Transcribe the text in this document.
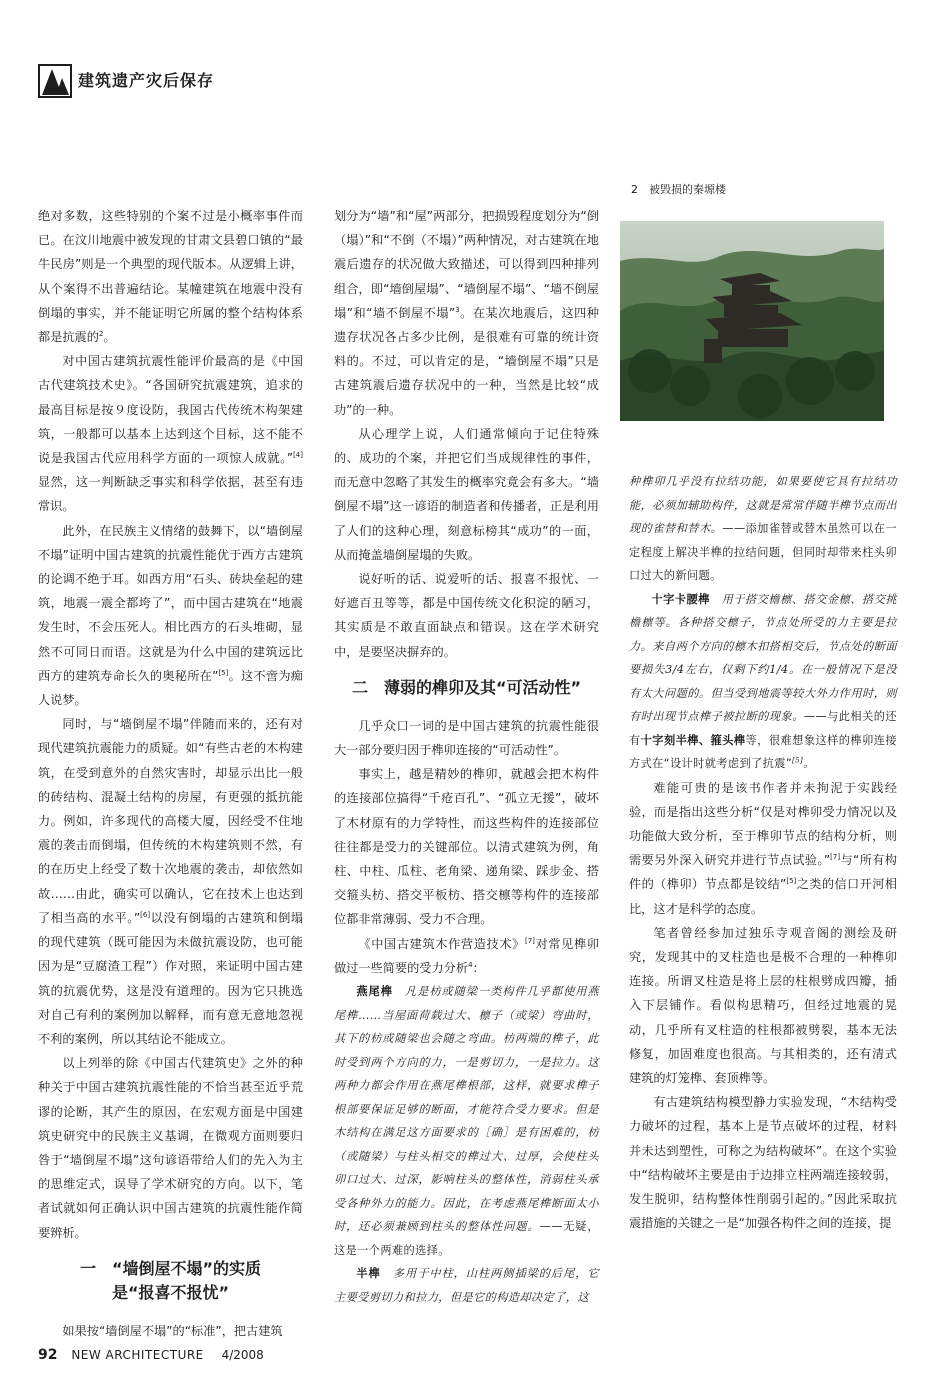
建筑遗产灾后保存
2　被毁损的秦塬楼

绝对多数，这些特别的个案不过是小概率事件而已。在汶川地震中被发现的甘肃文县碧口镇的“最牛民房”则是一个典型的现代版本。从逻辑上讲，从个案得不出普遍结论。某幢建筑在地震中没有倒塌的事实，并不能证明它所属的整个结构体系都是抗震的$^2$。

对中国古建筑抗震性能评价最高的是《中国古代建筑技术史》。“各国研究抗震建筑，追求的最高目标是按９度设防，我国古代传统木构架建筑，一般都可以基本上达到这个目标，这不能不说是我国古代应用科学方面的一项惊人成就。”[4]显然，这一判断缺乏事实和科学依据，甚至有违常识。

此外，在民族主义情绪的鼓舞下，以“墙倒屋不塌”证明中国古建筑的抗震性能优于西方古建筑的论调不绝于耳。如西方用“石头、砖块垒起的建筑，地震一震全都垮了”，而中国古建筑在“地震发生时，不会压死人。相比西方的石头堆砌，显然不可同日而语。这就是为什么中国的建筑远比西方的建筑寿命长久的奥秘所在”[5]。这不啻为痴人说梦。

同时，与“墙倒屋不塌”伴随而来的，还有对现代建筑抗震能力的质疑。如“有些古老的木构建筑，在受到意外的自然灾害时，却显示出比一般的砖结构、混凝土结构的房屋，有更强的抵抗能力。例如，许多现代的高楼大厦，因经受不住地震的袭击而倒塌，但传统的木构建筑则不然，有的在历史上经受了数十次地震的袭击，却依然如故……由此，确实可以确认，它在技术上也达到了相当高的水平。”[6]以没有倒塌的古建筑和倒塌的现代建筑（既可能因为未做抗震设防，也可能因为是“豆腐渣工程”）作对照，来证明中国古建筑的抗震优势，这是没有道理的。因为它只挑选对自己有利的案例加以解释，而有意无意地忽视不利的案例，所以其结论不能成立。

以上列举的除《中国古代建筑史》之外的种种关于中国古建筑抗震性能的不恰当甚至近乎荒谬的论断，其产生的原因，在宏观方面是中国建筑史研究中的民族主义基调，在微观方面则要归咎于“墙倒屋不塌”这句谚语带给人们的先入为主的思维定式，误导了学术研究的方向。以下，笔者试就如何正确认识中国古建筑的抗震性能作简要辨析。

一　“墙倒屋不塌”的实质
是“报喜不报忧”

如果按“墙倒屋不塌”的“标准”，把古建筑

划分为“墙”和“屋”两部分，把损毁程度划分为“倒（塌）”和“不倒（不塌）”两种情况，对古建筑在地震后遗存的状况做大致描述，可以得到四种排列组合，即“墙倒屋塌”、“墙倒屋不塌”、“墙不倒屋塌”和“墙不倒屋不塌”$^3$。在某次地震后，这四种遗存状况各占多少比例，是很难有可靠的统计资料的。不过，可以肯定的是，“墙倒屋不塌”只是古建筑震后遗存状况中的一种，当然是比较“成功”的一种。

从心理学上说，人们通常倾向于记住特殊的、成功的个案，并把它们当成规律性的事件，而无意中忽略了其发生的概率究竟会有多大。“墙倒屋不塌”这一谚语的制造者和传播者，正是利用了人们的这种心理，刻意标榜其“成功”的一面，从而掩盖墙倒屋塌的失败。

说好听的话、说爱听的话、报喜不报忧、一好遮百丑等等，都是中国传统文化积淀的陋习，其实质是不敢直面缺点和错误。这在学术研究中，是要坚决摒弃的。

二　薄弱的榫卯及其“可活动性”

几乎众口一词的是中国古建筑的抗震性能很大一部分要归因于榫卯连接的“可活动性”。

事实上，越是精妙的榫卯，就越会把木构件的连接部位搞得“千疮百孔”、“孤立无援”，破坏了木材原有的力学特性，而这些构件的连接部位往往都是受力的关键部位。以清式建筑为例，角柱、中柱、瓜柱、老角梁、递角梁、踩步金、搭交箍头枋、搭交平板枋、搭交檩等构件的连接部位都非常薄弱、受力不合理。

《中国古建筑木作营造技术》[7]对常见榫卯做过一些简要的受力分析$^4$：

燕尾榫　凡是枋或随梁一类构件几乎都使用燕尾榫……当屋面荷载过大、檩子（或梁）弯曲时，其下的枋或随梁也会随之弯曲。枋两端的榫子，此时受到两个方向的力，一是剪切力，一是拉力。这两种力都会作用在燕尾榫根部，这样，就要求榫子根部要保证足够的断面，才能符合受力要求。但是木结构在满足这方面要求的［确］是有困难的，枋（或随梁）与柱头相交的榫过大、过厚，会使柱头卯口过大、过深，影响柱头的整体性，消弱柱头承受各种外力的能力。因此，在考虑燕尾榫断面太小时，还必须兼顾到柱头的整体性问题。——无疑，这是一个两难的选择。

半榫　多用于中柱，山柱两侧插梁的后尾，它主要受剪切力和拉力，但是它的构造却决定了，这

种榫卯几乎没有拉结功能，如果要使它具有拉结功能，必须加辅助构件，这就是常常伴随半榫节点而出现的雀替和替木。——添加雀替或替木虽然可以在一定程度上解决半榫的拉结问题，但同时却带来柱头卯口过大的新问题。

十字卡腰榫　用于搭交檐檩、搭交金檩、搭交挑檐檩等。各种搭交檩子，节点处所受的力主要是拉力。来自两个方向的檩木扣搭相交后，节点处的断面要损失3/4左右，仅剩下约1/4。在一般情况下是没有太大问题的。但当受到地震等较大外力作用时，则有时出现节点榫子被拉断的现象。——与此相关的还有十字刻半榫、箍头榫等，很难想象这样的榫卯连接方式在“设计时就考虑到了抗震”[5]。

难能可贵的是该书作者并未拘泥于实践经验，而是指出这些分析“仅是对榫卯受力情况以及功能做大致分析，至于榫卯节点的结构分析，则需要另外深入研究并进行节点试验。”[7]与“所有构件的（榫卯）节点都是铰结”[5]之类的信口开河相比，这才是科学的态度。

笔者曾经参加过独乐寺观音阁的测绘及研究，发现其中的叉柱造也是极不合理的一种榫卯连接。所谓叉柱造是将上层的柱根劈成四瓣，插入下层铺作。看似构思精巧，但经过地震的晃动，几乎所有叉柱造的柱根都被劈裂，基本无法修复，加固难度也很高。与其相类的，还有清式建筑的灯笼榫、套顶榫等。

有古建筑结构模型静力实验发现，“木结构受力破坏的过程，基本上是节点破坏的过程，材料并未达到塑性，可称之为结构破坏”。在这个实验中“结构破坏主要是由于边排立柱两端连接较弱，发生脱卯，结构整体性削弱引起的。”因此采取抗震措施的关键之一是“加强各构件之间的连接，提

92 NEW ARCHITECTURE 4/2008
